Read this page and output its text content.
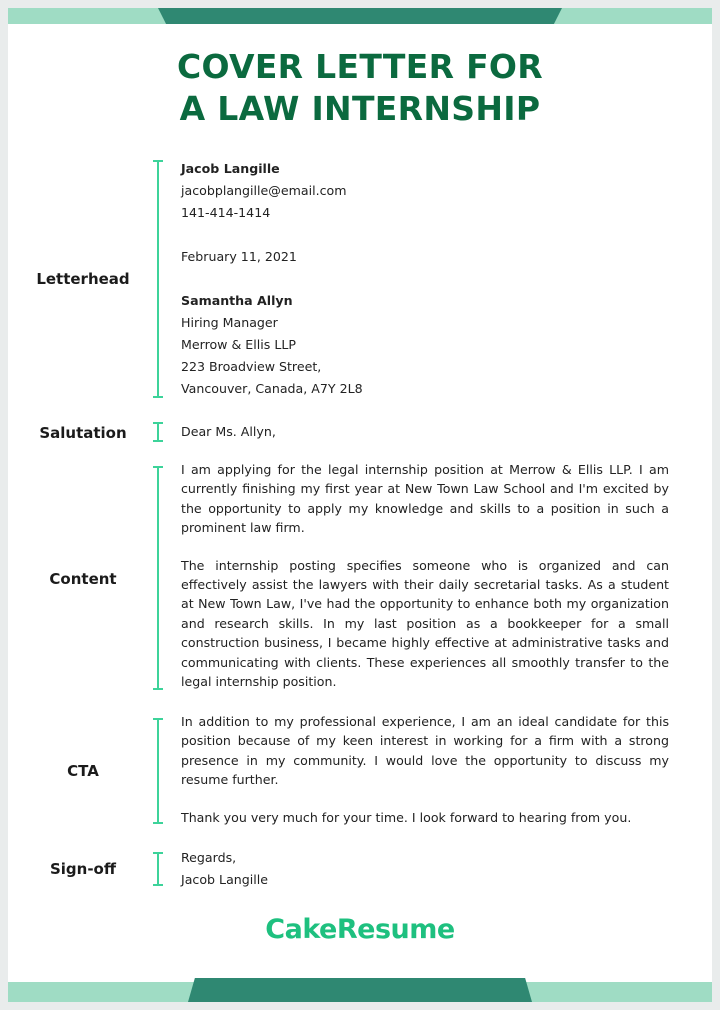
COVER LETTER FOR
A LAW INTERNSHIP
Letterhead
Jacob Langille
jacobplangille@email.com
141-414-1414
February 11, 2021
Samantha Allyn
Hiring Manager
Merrow & Ellis LLP
223 Broadview Street,
Vancouver, Canada, A7Y 2L8
Salutation	Dear Ms. Allyn,
Content
I am applying for the legal internship position at Merrow & Ellis LLP. I am currently finishing my first year at New Town Law School and I'm excited by the opportunity to apply my knowledge and skills to a position in such a prominent law firm.
The internship posting specifies someone who is organized and can effectively assist the lawyers with their daily secretarial tasks. As a student at New Town Law, I've had the opportunity to enhance both my organization and research skills. In my last position as a bookkeeper for a small construction business, I became highly effective at administrative tasks and communicating with clients. These experiences all smoothly transfer to the legal internship position.
CTA
In addition to my professional experience, I am an ideal candidate for this position because of my keen interest in working for a firm with a strong presence in my community. I would love the opportunity to discuss my resume further.
Thank you very much for your time. I look forward to hearing from you.
Sign-off
Regards,
Jacob Langille
CakeResume
